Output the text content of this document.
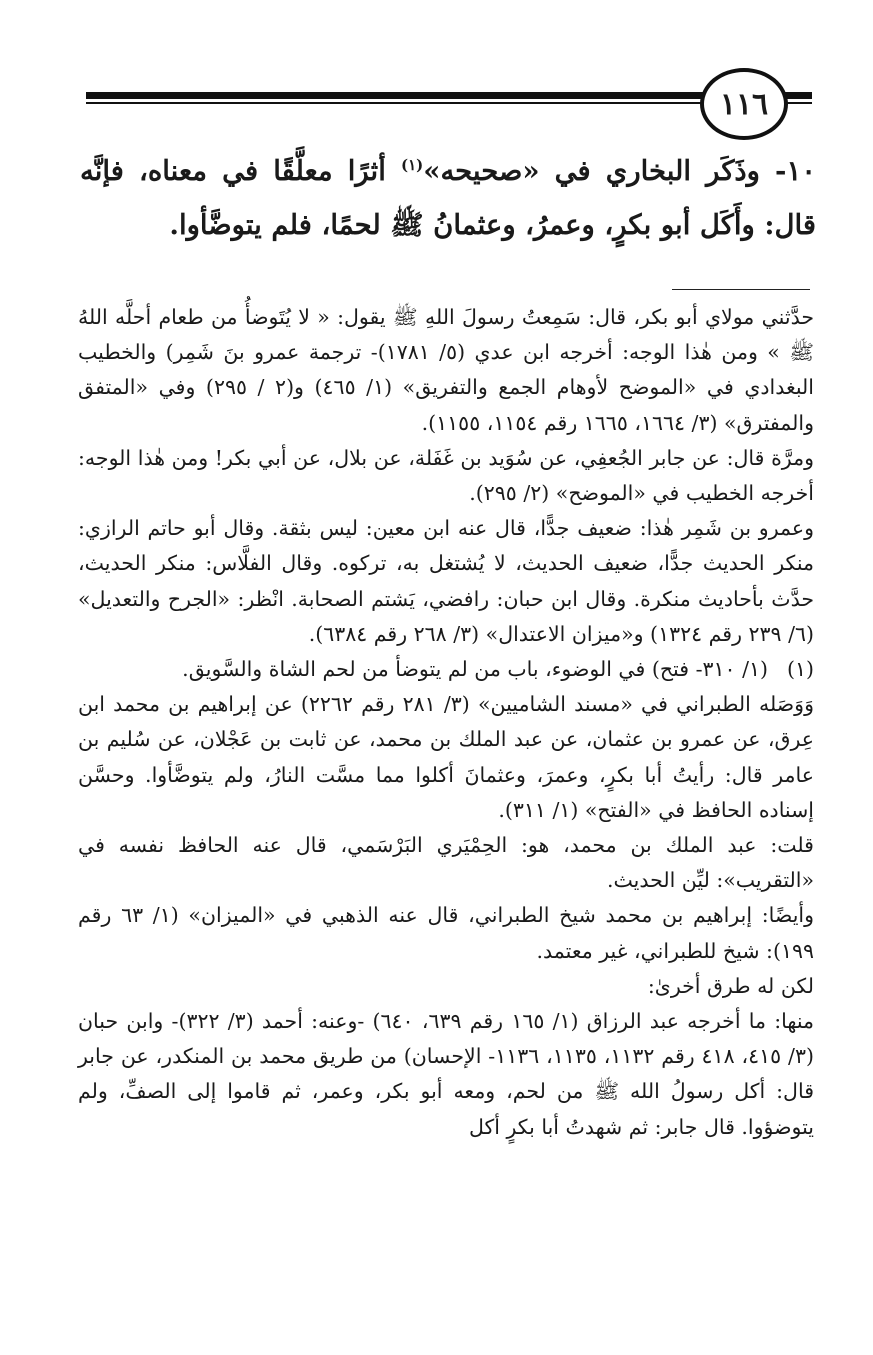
١١٦

١٠- وذَكَر البخاري في «صحيحه»$^{(١)}$ أثرًا معلَّقًا في معناه، فإنَّه قال: وأَكَل أبو بكرٍ، وعمرُ، وعثمانُ ﷺ لحمًا، فلم يتوضَّأوا.

حدَّثني مولاي أبو بكر، قال: سَمِعتُ رسولَ اللهِ ﷺ يقول: « لا يُتَوضأُ من طعام أحلَّه اللهُ ﷺ » ومن هٰذا الوجه: أخرجه ابن عدي (٥/ ١٧٨١)- ترجمة عمرو بنَ شَمِر) والخطيب البغدادي في «الموضح لأوهام الجمع والتفريق» (١/ ٤٦٥) و(٢ / ٢٩٥) وفي «المتفق والمفترق» (٣/ ١٦٦٤، ١٦٦٥ رقم ١١٥٤، ١١٥٥).

ومرَّة قال: عن جابر الجُعفِي، عن سُوَيد بن غَفَلة، عن بلال، عن أبي بكر! ومن هٰذا الوجه: أخرجه الخطيب في «الموضح» (٢/ ٢٩٥).

وعمرو بن شَمِر هٰذا: ضعيف جدًّا، قال عنه ابن معين: ليس بثقة. وقال أبو حاتم الرازي: منكر الحديث جدًّا، ضعيف الحديث، لا يُشتغل به، تركوه. وقال الفلَّاس: منكر الحديث، حدَّث بأحاديث منكرة. وقال ابن حبان: رافضي، يَشتم الصحابة. انْظر: «الجرح والتعديل» (٦/ ٢٣٩ رقم ١٣٢٤) و«ميزان الاعتدال» (٣/ ٢٦٨ رقم ٦٣٨٤).

(١)(١/ ٣١٠- فتح) في الوضوء، باب من لم يتوضأ من لحم الشاة والسَّويق.

وَوَصَله الطبراني في «مسند الشاميين» (٣/ ٢٨١ رقم ٢٢٦٢) عن إبراهيم بن محمد ابن عِرق، عن عمرو بن عثمان، عن عبد الملك بن محمد، عن ثابت بن عَجْلان، عن سُليم بن عامر قال: رأيتُ أبا بكرٍ، وعمرَ، وعثمانَ أكلوا مما مسَّت النارُ، ولم يتوضَّأوا. وحسَّن إسناده الحافظ في «الفتح» (١/ ٣١١).

قلت: عبد الملك بن محمد، هو: الحِمْيَري البَرْسَمي، قال عنه الحافظ نفسه في «التقريب»: ليِّن الحديث.

وأيضًا: إبراهيم بن محمد شيخ الطبراني، قال عنه الذهبي في «الميزان» (١/ ٦٣ رقم ١٩٩): شيخ للطبراني، غير معتمد.

لكن له طرق أخرىٰ:

منها: ما أخرجه عبد الرزاق (١/ ١٦٥ رقم ٦٣٩، ٦٤٠) -وعنه: أحمد (٣/ ٣٢٢)- وابن حبان (٣/ ٤١٥، ٤١٨ رقم ١١٣٢، ١١٣٥، ١١٣٦- الإحسان) من طريق محمد بن المنكدر، عن جابر قال: أكل رسولُ الله ﷺ من لحم، ومعه أبو بكر، وعمر، ثم قاموا إلى الصفِّ، ولم يتوضؤوا. قال جابر: ثم شهدتُ أبا بكرٍ أكل
